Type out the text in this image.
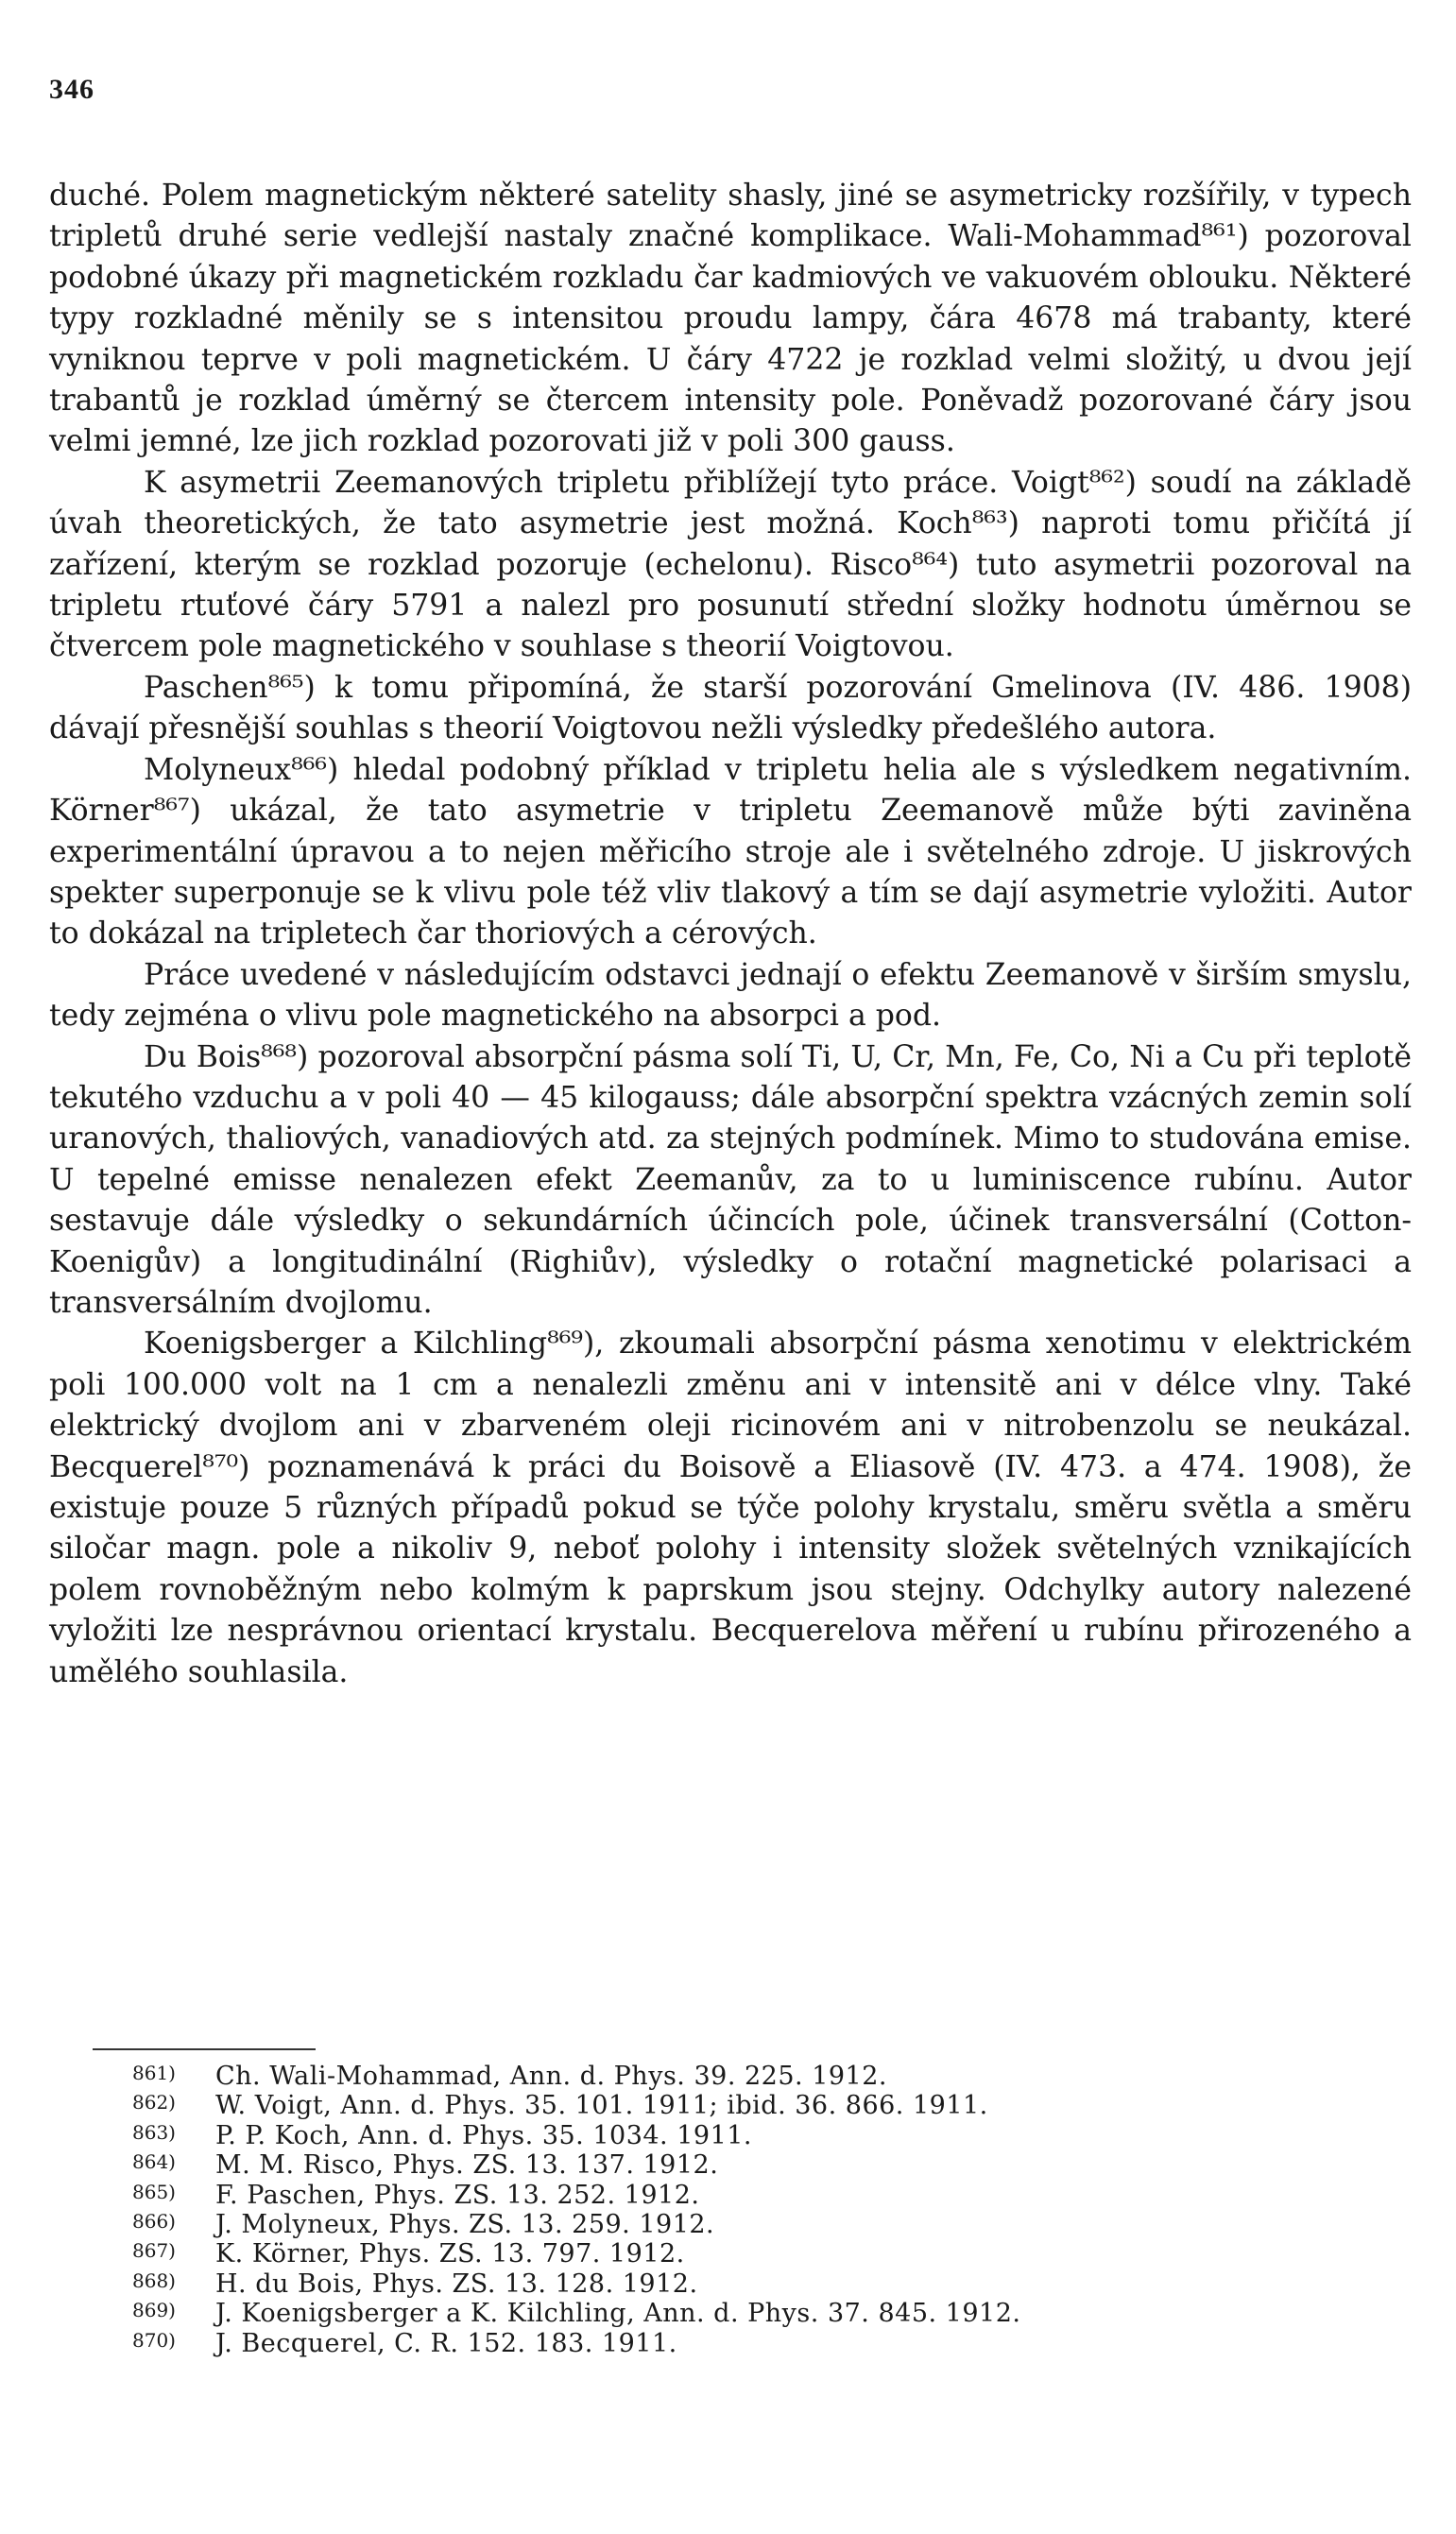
346

duché. Polem magnetickým některé satelity shasly, jiné se asymetricky rozšířily, v typech tripletů druhé serie vedlejší nastaly značné komplikace. Wali-Mohammad⁸⁶¹) pozoroval podobné úkazy při magnetickém rozkladu čar kadmiových ve vakuovém oblouku. Některé typy rozkladné měnily se s intensitou proudu lampy, čára 4678 má trabanty, které vyniknou teprve v poli magnetickém. U čáry 4722 je rozklad velmi složitý, u dvou její trabantů je rozklad úměrný se čtercem intensity pole. Poněvadž pozorované čáry jsou velmi jemné, lze jich rozklad pozorovati již v poli 300 gauss.

K asymetrii Zeemanových tripletu přiblížejí tyto práce. Voigt⁸⁶²) soudí na základě úvah theoretických, že tato asymetrie jest možná. Koch⁸⁶³) naproti tomu přičítá jí zařízení, kterým se rozklad pozoruje (echelonu). Risco⁸⁶⁴) tuto asymetrii pozoroval na tripletu rtuťové čáry 5791 a nalezl pro posunutí střední složky hodnotu úměrnou se čtvercem pole magnetického v souhlase s theorií Voigtovou.

Paschen⁸⁶⁵) k tomu připomíná, že starší pozorování Gmelinova (IV. 486. 1908) dávají přesnější souhlas s theorií Voigtovou nežli výsledky předešlého autora.

Molyneux⁸⁶⁶) hledal podobný příklad v tripletu helia ale s výsledkem negativním. Körner⁸⁶⁷) ukázal, že tato asymetrie v tripletu Zeemanově může býti zaviněna experimentální úpravou a to nejen měřicího stroje ale i světelného zdroje. U jiskrových spekter superponuje se k vlivu pole též vliv tlakový a tím se dají asymetrie vyložiti. Autor to dokázal na tripletech čar thoriových a cérových.

Práce uvedené v následujícím odstavci jednají o efektu Zeemanově v širším smyslu, tedy zejména o vlivu pole magnetického na absorpci a pod.

Du Bois⁸⁶⁸) pozoroval absorpční pásma solí Ti, U, Cr, Mn, Fe, Co, Ni a Cu při teplotě tekutého vzduchu a v poli 40 — 45 kilogauss; dále absorpční spektra vzácných zemin solí uranových, thaliových, vanadiových atd. za stejných podmínek. Mimo to studována emise. U tepelné emisse nenalezen efekt Zeemanův, za to u luminiscence rubínu. Autor sestavuje dále výsledky o sekundárních účincích pole, účinek transversální (Cotton-Koenigův) a longitudinální (Righiův), výsledky o rotační magnetické polarisaci a transversálním dvojlomu.

Koenigsberger a Kilchling⁸⁶⁹), zkoumali absorpční pásma xenotimu v elektrickém poli 100.000 volt na 1 cm a nenalezli změnu ani v intensitě ani v délce vlny. Také elektrický dvojlom ani v zbarveném oleji ricinovém ani v nitrobenzolu se neukázal. Becquerel⁸⁷⁰) poznamenává k práci du Boisově a Eliasově (IV. 473. a 474. 1908), že existuje pouze 5 různých případů pokud se týče polohy krystalu, směru světla a směru siločar magn. pole a nikoliv 9, neboť polohy i intensity složek světelných vznikajících polem rovnoběžným nebo kolmým k paprskum jsou stejny. Odchylky autory nalezené vyložiti lze nesprávnou orientací krystalu. Becquerelova měření u rubínu přirozeného a umělého souhlasila.

861) Ch. Wali-Mohammad, Ann. d. Phys. 39. 225. 1912.
862) W. Voigt, Ann. d. Phys. 35. 101. 1911; ibid. 36. 866. 1911.
863) P. P. Koch, Ann. d. Phys. 35. 1034. 1911.
864) M. M. Risco, Phys. ZS. 13. 137. 1912.
865) F. Paschen, Phys. ZS. 13. 252. 1912.
866) J. Molyneux, Phys. ZS. 13. 259. 1912.
867) K. Körner, Phys. ZS. 13. 797. 1912.
868) H. du Bois, Phys. ZS. 13. 128. 1912.
869) J. Koenigsberger a K. Kilchling, Ann. d. Phys. 37. 845. 1912.
870) J. Becquerel, C. R. 152. 183. 1911.
